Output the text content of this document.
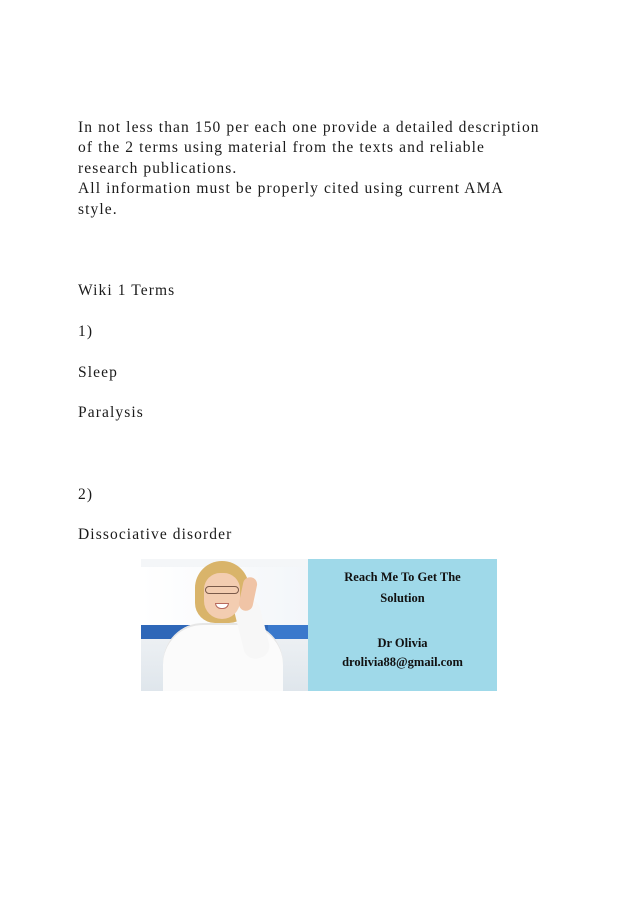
In not less than 150 per each one provide a detailed description

of the 2 terms using material from the texts and reliable

research publications.

All information must be properly cited using current AMA

style.

Wiki 1 Terms

1)

Sleep

Paralysis

2)

Dissociative disorder

Reach Me To Get The
Solution
Dr Olivia
drolivia88@gmail.com
